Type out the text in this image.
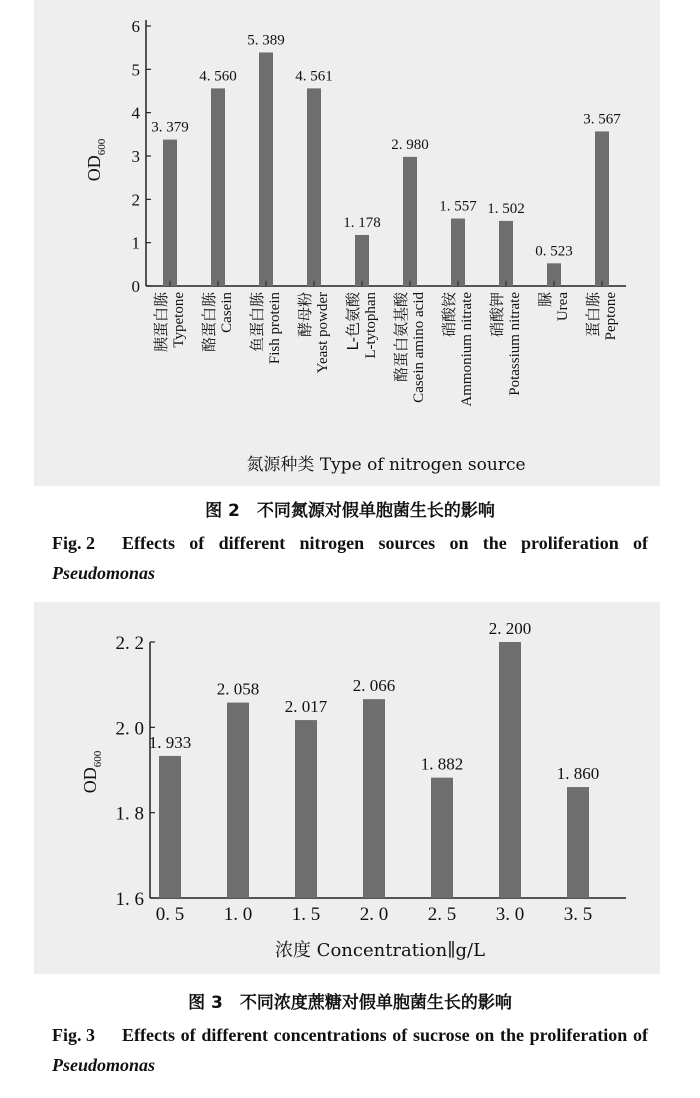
0
1
2
3
4
5
6
$OD_{600}$
3. 379
胰蛋白胨 Typetone
4. 560
酪蛋白胨 Casein
5. 389
鱼蛋白胨 Fish protein
4. 561
酵母粉 Yeast powder
1. 178
L-色氨酸 L-tytophan
2. 980
酪蛋白氨基酸 Casein amino acid
1. 557
硝酸铵 Ammonium nitrate
1. 502
硝酸钾 Potassium nitrate
0. 523
脲 Urea
3. 567
蛋白胨 Peptone
氮源种类 Type of nitrogen source
图 2　不同氮源对假单胞菌生长的影响
Fig. 2 Effects of different nitrogen sources on the proliferation of Pseudomonas
1. 6
1. 8
2. 0
2. 2
$OD_{600}$
1. 933
0. 5
2. 058
1. 0
2. 017
1. 5
2. 066
2. 0
1. 882
2. 5
2. 200
3. 0
1. 860
3. 5
浓度 Concentration∥g/L
图 3　不同浓度蔗糖对假单胞菌生长的影响
Fig. 3 Effects of different concentrations of sucrose on the proliferation of Pseudomonas
